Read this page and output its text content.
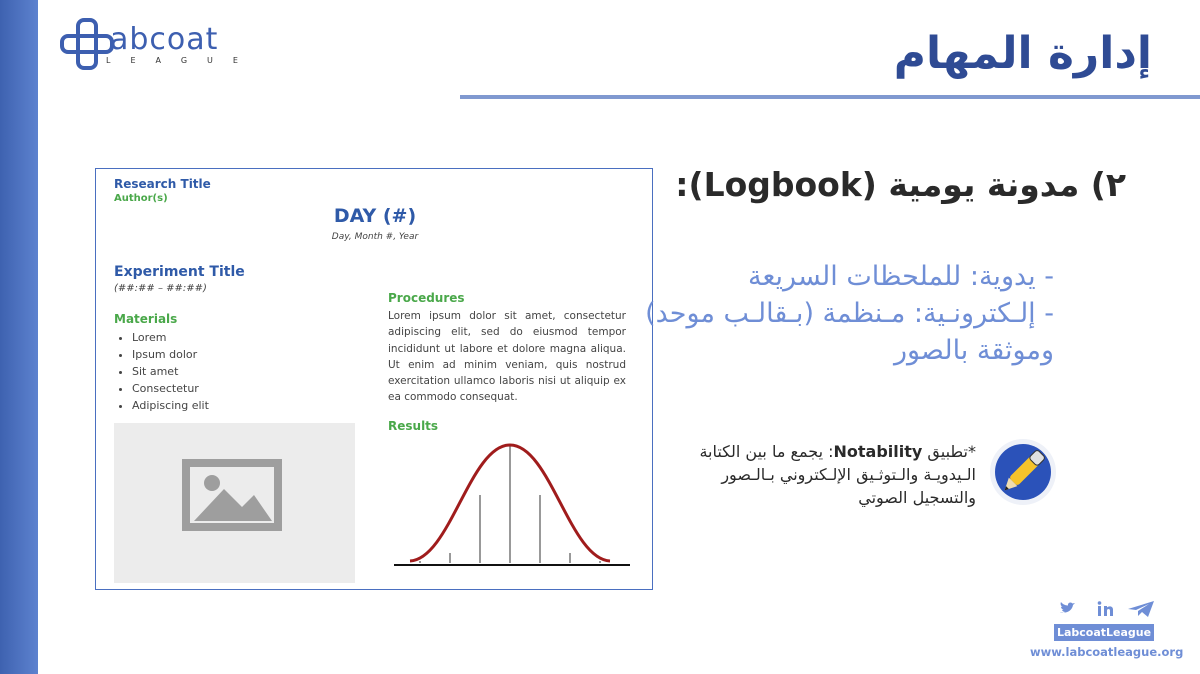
abcoat
LEAGUE	إدارة المهام
Research Title
Author(s)
DAY (#)
Day, Month #, Year
Experiment Title
(##:## – ##:##)
Materials
• Lorem
• Ipsum dolor
• Sit amet
• Consectetur
• Adipiscing elit
Procedures
Lorem ipsum dolor sit amet, consectetur adipiscing elit, sed do eiusmod tempor incididunt ut labore et dolore magna aliqua. Ut enim ad minim veniam, quis nostrud exercitation ullamco laboris nisi ut aliquip ex ea commodo consequat.
Results
٢) مدونة يومية (Logbook):
- يدوية: للملحظات السريعة
- إلـكترونـية: مـنظمة (بـقالـب موحد) وموثقة بالصور
*تطبيق Notability: يجمع ما بين الكتابة الـيدويـة والـتوثـيق الإلـكتروني بـالـصور والتسجيل الصوتي
LabcoatLeague
www.labcoatleague.org
